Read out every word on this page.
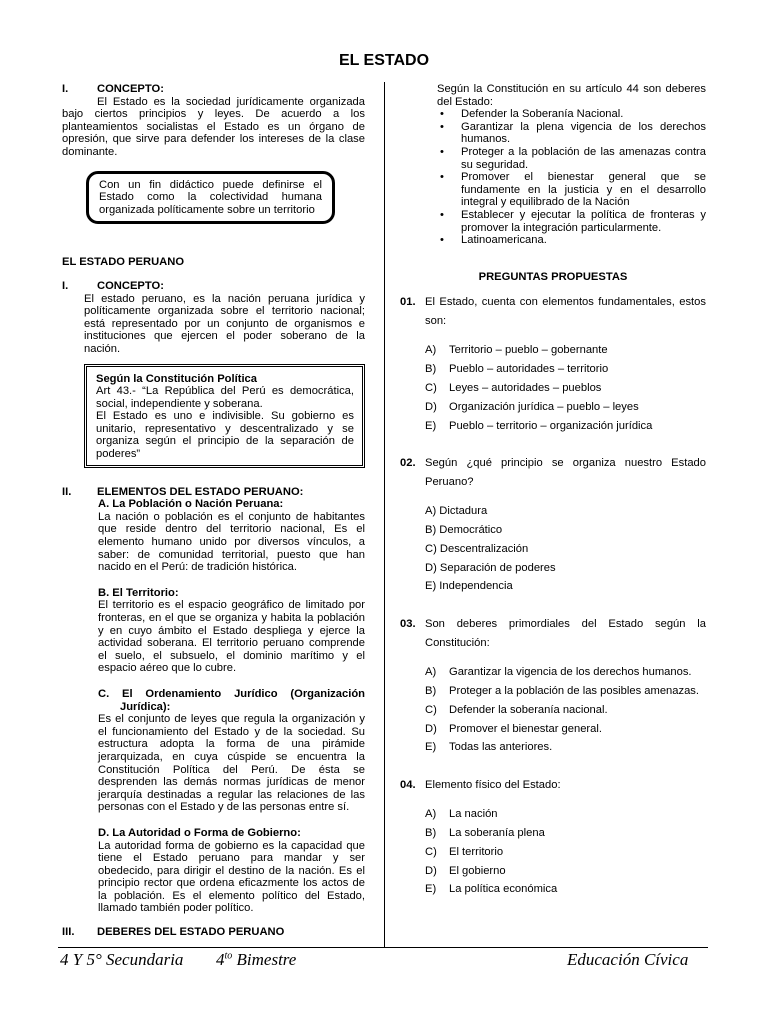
EL ESTADO
I.	CONCEPTO:
El Estado es la sociedad jurídicamente organizada bajo ciertos principios y leyes. De acuerdo a los planteamientos socialistas el Estado es un órgano de opresión, que sirve para defender los intereses de la clase dominante.
Con un fin didáctico puede definirse el Estado como la colectividad humana organizada políticamente sobre un territorio
EL ESTADO PERUANO
I.	CONCEPTO:
El estado peruano, es la nación peruana jurídica y políticamente organizada sobre el territorio nacional; está representado por un conjunto de organismos e instituciones que ejercen el poder soberano de la nación.
Según la Constitución Política
Art 43.- “La República del Perú es democrática, social, independiente y soberana.
El Estado es uno e indivisible. Su gobierno es unitario, representativo y descentralizado y se organiza según el principio de la separación de poderes”
II.	ELEMENTOS DEL ESTADO PERUANO:
A. La Población o Nación Peruana:
La nación o población es el conjunto de habitantes que reside dentro del territorio nacional, Es el elemento humano unido por diversos vínculos, a saber: de comunidad territorial, puesto que han nacido en el Perú: de tradición histórica.
B. El Territorio:
El territorio es el espacio geográfico de limitado por fronteras, en el que se organiza y habita la población y en cuyo ámbito el Estado despliega y ejerce la actividad soberana. El territorio peruano comprende el suelo, el subsuelo, el dominio marítimo y el espacio aéreo que lo cubre.
C. El Ordenamiento Jurídico (Organización Jurídica):
Es el conjunto de leyes que regula la organización y el funcionamiento del Estado y de la sociedad. Su estructura adopta la forma de una pirámide jerarquizada, en cuya cúspide se encuentra la Constitución Política del Perú. De ésta se desprenden las demás normas jurídicas de menor jerarquía destinadas a regular las relaciones de las personas con el Estado y de las personas entre sí.
D. La Autoridad o Forma de Gobierno:
La autoridad forma de gobierno es la capacidad que tiene el Estado peruano para mandar y ser obedecido, para dirigir el destino de la nación. Es el principio rector que ordena eficazmente los actos de la población. Es el elemento político del Estado, llamado también poder político.
III.	DEBERES DEL ESTADO PERUANO
Según la Constitución en su artículo 44 son deberes del Estado:
• Defender la Soberanía Nacional.
• Garantizar la plena vigencia de los derechos humanos.
• Proteger a la población de las amenazas contra su seguridad.
• Promover el bienestar general que se fundamente en la justicia y en el desarrollo integral y equilibrado de la Nación
• Establecer y ejecutar la política de fronteras y promover la integración particularmente.
• Latinoamericana.
PREGUNTAS PROPUESTAS
01. El Estado, cuenta con elementos fundamentales, estos son:
A)	Territorio – pueblo – gobernante
B)	Pueblo – autoridades – territorio
C)	Leyes – autoridades – pueblos
D)	Organización jurídica – pueblo – leyes
E)	Pueblo – territorio – organización jurídica
02. Según ¿qué principio se organiza nuestro Estado Peruano?
A) Dictadura
B) Democrático
C) Descentralización
D) Separación de poderes
E) Independencia
03. Son deberes primordiales del Estado según la Constitución:
A)	Garantizar la vigencia de los derechos humanos.
B)	Proteger a la población de las posibles amenazas.
C)	Defender la soberanía nacional.
D)	Promover el bienestar general.
E)	Todas las anteriores.
04. Elemento físico del Estado:
A)	La nación
B)	La soberanía plena
C)	El territorio
D)	El gobierno
E)	La política económica
4 Y 5° Secundaria $4^{to}$ Bimestre	Educación Cívica
